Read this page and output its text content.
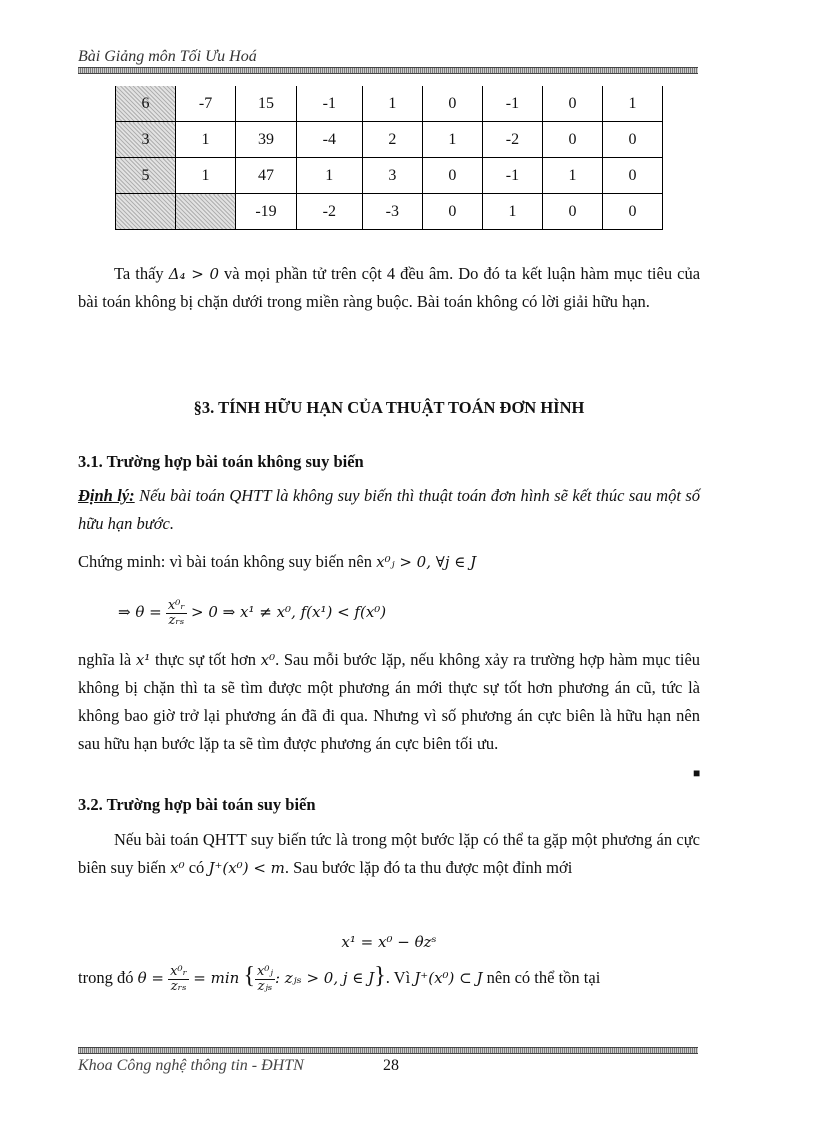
Bài Giảng môn Tối Ưu Hoá
6	-7	15	-1	1	0	-1	0	1
3	1	39	-4	2	1	-2	0	0
5	1	47	1	3	0	-1	1	0
		-19	-2	-3	0	1	0	0
Ta thấy Δ₄ > 0 và mọi phần tử trên cột 4 đều âm. Do đó ta kết luận hàm mục tiêu của bài toán không bị chặn dưới trong miền ràng buộc. Bài toán không có lời giải hữu hạn.
§3. TÍNH HỮU HẠN CỦA THUẬT TOÁN ĐƠN HÌNH
3.1. Trường hợp bài toán không suy biến
Định lý: Nếu bài toán QHTT là không suy biến thì thuật toán đơn hình sẽ kết thúc sau một số hữu hạn bước.
Chứng minh: vì bài toán không suy biến nên x⁰ⱼ > 0, ∀j ∈ J
⇒ $\theta = \frac{\text{x⁰ᵣ}}{\text{zᵣₛ}} > 0$ ⇒ x¹ ≠ x⁰, f(x¹) < f(x⁰)
nghĩa là x¹ thực sự tốt hơn x⁰. Sau mỗi bước lặp, nếu không xảy ra trường hợp hàm mục tiêu không bị chặn thì ta sẽ tìm được một phương án mới thực sự tốt hơn phương án cũ, tức là không bao giờ trở lại phương án đã đi qua. Nhưng vì số phương án cực biên là hữu hạn nên sau hữu hạn bước lặp ta sẽ tìm được phương án cực biên tối ưu.
■
3.2. Trường hợp bài toán suy biến
Nếu bài toán QHTT suy biến tức là trong một bước lặp có thể ta gặp một phương án cực biên suy biến x⁰ có J⁺(x⁰) < m. Sau bước lặp đó ta thu được một đỉnh mới
x¹ = x⁰ − θzˢ
trong đó $\theta = \frac{\text{x⁰ᵣ}}{\text{zᵣₛ}} = \min$ { $\frac{\text{x⁰ⱼ}}{\text{zⱼₛ}}$ : zⱼₛ > 0, j ∈ J}. Vì J⁺(x⁰) ⊂ J nên có thể tồn tại
Khoa Công nghệ thông tin - ĐHTN	28
